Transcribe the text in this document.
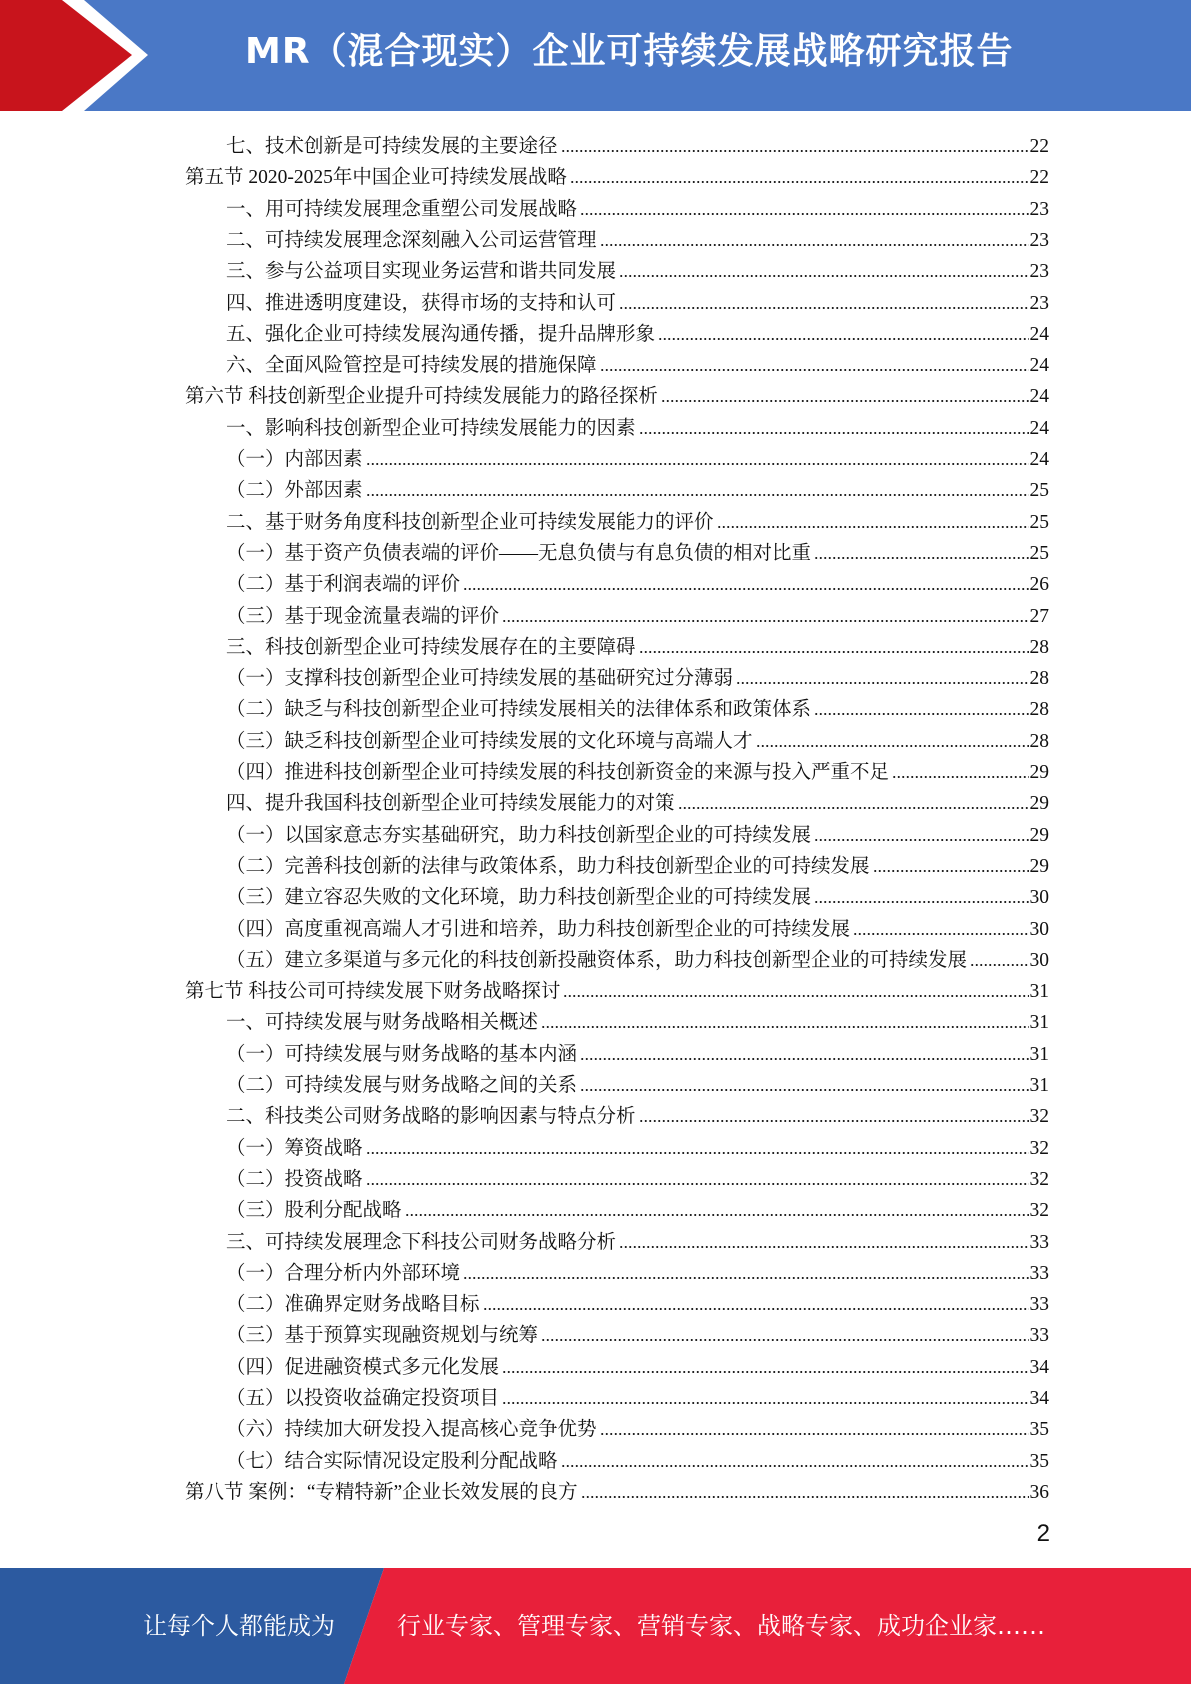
MR（混合现实）企业可持续发展战略研究报告
七、技术创新是可持续发展的主要途径	22
第五节 2020-2025年中国企业可持续发展战略	22
一、用可持续发展理念重塑公司发展战略	23
二、可持续发展理念深刻融入公司运营管理	23
三、参与公益项目实现业务运营和谐共同发展	23
四、推进透明度建设，获得市场的支持和认可	23
五、强化企业可持续发展沟通传播，提升品牌形象	24
六、全面风险管控是可持续发展的措施保障	24
第六节 科技创新型企业提升可持续发展能力的路径探析	24
一、影响科技创新型企业可持续发展能力的因素	24
（一）内部因素	24
（二）外部因素	25
二、基于财务角度科技创新型企业可持续发展能力的评价	25
（一）基于资产负债表端的评价——无息负债与有息负债的相对比重	25
（二）基于利润表端的评价	26
（三）基于现金流量表端的评价	27
三、科技创新型企业可持续发展存在的主要障碍	28
（一）支撑科技创新型企业可持续发展的基础研究过分薄弱	28
（二）缺乏与科技创新型企业可持续发展相关的法律体系和政策体系	28
（三）缺乏科技创新型企业可持续发展的文化环境与高端人才	28
（四）推进科技创新型企业可持续发展的科技创新资金的来源与投入严重不足	29
四、提升我国科技创新型企业可持续发展能力的对策	29
（一）以国家意志夯实基础研究，助力科技创新型企业的可持续发展	29
（二）完善科技创新的法律与政策体系，助力科技创新型企业的可持续发展	29
（三）建立容忍失败的文化环境，助力科技创新型企业的可持续发展	30
（四）高度重视高端人才引进和培养，助力科技创新型企业的可持续发展	30
（五）建立多渠道与多元化的科技创新投融资体系，助力科技创新型企业的可持续发展	30
第七节 科技公司可持续发展下财务战略探讨	31
一、可持续发展与财务战略相关概述	31
（一）可持续发展与财务战略的基本内涵	31
（二）可持续发展与财务战略之间的关系	31
二、科技类公司财务战略的影响因素与特点分析	32
（一）筹资战略	32
（二）投资战略	32
（三）股利分配战略	32
三、可持续发展理念下科技公司财务战略分析	33
（一）合理分析内外部环境	33
（二）准确界定财务战略目标	33
（三）基于预算实现融资规划与统筹	33
（四）促进融资模式多元化发展	34
（五）以投资收益确定投资项目	34
（六）持续加大研发投入提高核心竞争优势	35
（七）结合实际情况设定股利分配战略	35
第八节 案例：“专精特新”企业长效发展的良方	36
2
让每个人都能成为	行业专家、管理专家、营销专家、战略专家、成功企业家……
